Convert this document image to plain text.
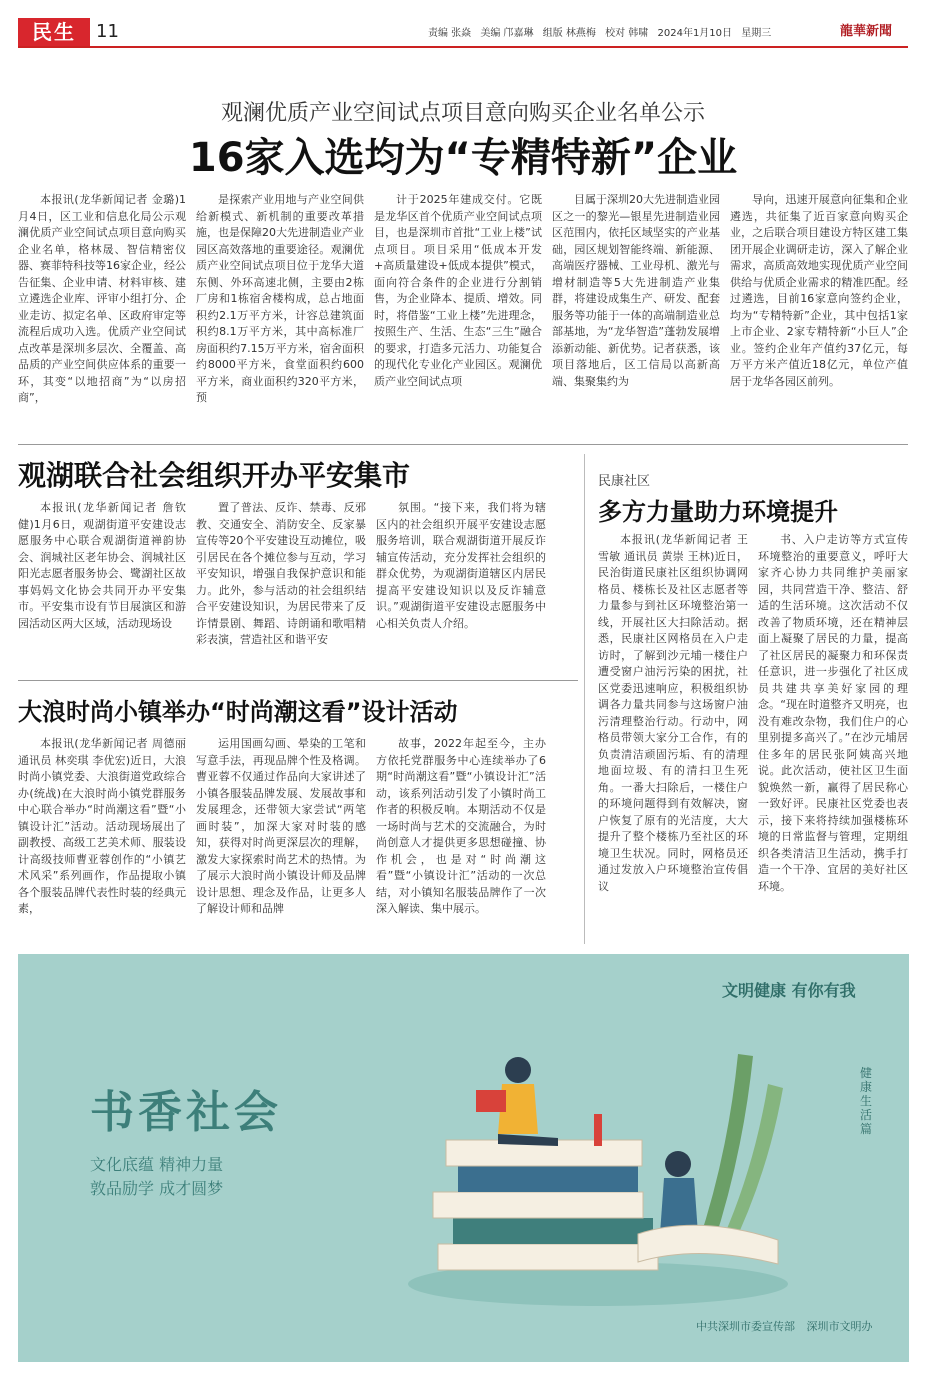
民生	11	责编 张焱 美编 邝嘉琳 组版 林燕梅 校对 韩啸 2024年1月10日 星期三	龍華新聞
观澜优质产业空间试点项目意向购买企业名单公示
16家入选均为“专精特新”企业

本报讯(龙华新闻记者 金璐)1月4日，区工业和信息化局公示观澜优质产业空间试点项目意向购买企业名单，格林晟、智信精密仪器、赛菲特科技等16家企业，经公告征集、企业申请、材料审核、建立遴选企业库、评审小组打分、企业走访、拟定名单、区政府审定等流程后成功入选。优质产业空间试点改革是深圳多层次、全覆盖、高品质的产业空间供应体系的重要一环，其变“以地招商”为“以房招商”，

是探索产业用地与产业空间供给新模式、新机制的重要改革措施，也是保障20大先进制造业产业园区高效落地的重要途径。观澜优质产业空间试点项目位于龙华大道东侧、外环高速北侧，主要由2栋厂房和1栋宿舍楼构成，总占地面积约2.1万平方米，计容总建筑面积约8.1万平方米，其中高标准厂房面积约7.15万平方米，宿舍面积约8000平方米，食堂面积约600平方米，商业面积约320平方米，预

计于2025年建成交付。它既是龙华区首个优质产业空间试点项目，也是深圳市首批“工业上楼”试点项目。项目采用“低成本开发+高质量建设+低成本提供”模式，面向符合条件的企业进行分割销售，为企业降本、提质、增效。同时，将借鉴“工业上楼”先进理念，按照生产、生活、生态“三生”融合的要求，打造多元活力、功能复合的现代化专业化产业园区。观澜优质产业空间试点项

目属于深圳20大先进制造业园区之一的黎光—银星先进制造业园区范围内，依托区域坚实的产业基础，园区规划智能终端、新能源、高端医疗器械、工业母机、激光与增材制造等5大先进制造产业集群，将建设成集生产、研发、配套服务等功能于一体的高端制造业总部基地，为“龙华智造”蓬勃发展增添新动能、新优势。记者获悉，该项目落地后，区工信局以高新高端、集聚集约为

导向，迅速开展意向征集和企业遴选，共征集了近百家意向购买企业，之后联合项目建设方特区建工集团开展企业调研走访，深入了解企业需求，高质高效地实现优质产业空间供给与优质企业需求的精准匹配。经过遴选，目前16家意向签约企业，均为“专精特新”企业，其中包括1家上市企业、2家专精特新“小巨人”企业。签约企业年产值约37亿元，每万平方米产值近18亿元，单位产值居于龙华各园区前列。

观湖联合社会组织开办平安集市

本报讯(龙华新闻记者 詹钦健)1月6日，观湖街道平安建设志愿服务中心联合观湖街道禅韵协会、润城社区老年协会、润城社区阳光志愿者服务协会、鹭湖社区故事妈妈文化协会共同开办平安集市。平安集市设有节目展演区和游园活动区两大区域，活动现场设

置了普法、反诈、禁毒、反邪教、交通安全、消防安全、反家暴宣传等20个平安建设互动摊位，吸引居民在各个摊位参与互动，学习平安知识，增强自我保护意识和能力。此外，参与活动的社会组织结合平安建设知识，为居民带来了反诈情景剧、舞蹈、诗朗诵和歌唱精彩表演，营造社区和谐平安

氛围。“接下来，我们将为辖区内的社会组织开展平安建设志愿服务培训，联合观湖街道开展反诈辅宣传活动，充分发挥社会组织的群众优势，为观湖街道辖区内居民提高平安建设知识以及反诈辅意识。”观湖街道平安建设志愿服务中心相关负责人介绍。

大浪时尚小镇举办“时尚潮这看”设计活动

本报讯(龙华新闻记者 周德丽 通讯员 林奕琪 李优宏)近日，大浪时尚小镇党委、大浪街道党政综合办(统战)在大浪时尚小镇党群服务中心联合举办“时尚潮这看”暨“小镇设计汇”活动。活动现场展出了副教授、高级工艺美术师、服装设计高级技师曹亚蓉创作的“小镇艺术风采”系列画作，作品提取小镇各个服装品牌代表性时装的经典元素，

运用国画勾画、晕染的工笔和写意手法，再现品牌个性及格调。曹亚蓉不仅通过作品向大家讲述了小镇各服装品牌发展、发展故事和发展理念，还带领大家尝试“两笔画时装”，加深大家对时装的感知，获得对时尚更深层次的理解，激发大家探索时尚艺术的热情。为了展示大浪时尚小镇设计师及品牌设计思想、理念及作品，让更多人了解设计师和品牌

故事，2022年起至今，主办方依托党群服务中心连续举办了6期“时尚潮这看”暨“小镇设计汇”活动，该系列活动引发了小镇时尚工作者的积极反响。本期活动不仅是一场时尚与艺术的交流融合，为时尚创意人才提供更多思想碰撞、协作机会，也是对“时尚潮这看”暨“小镇设计汇”活动的一次总结，对小镇知名服装品牌作了一次深入解读、集中展示。

民康社区
多方力量助力环境提升

本报讯(龙华新闻记者 王雪敏 通讯员 黄崇 王林)近日，民治街道民康社区组织协调网格员、楼栋长及社区志愿者等力量参与到社区环境整治第一线，开展社区大扫除活动。据悉，民康社区网格员在入户走访时，了解到沙元埔一楼住户遭受窗户油污污染的困扰，社区党委迅速响应，积极组织协调各力量共同参与这场窗户油污清理整治行动。行动中，网格员带领大家分工合作，有的负责清洁顽固污垢、有的清理地面垃圾、有的清扫卫生死角。一番大扫除后，一楼住户的环境问题得到有效解决，窗户恢复了原有的光洁度，大大提升了整个楼栋乃至社区的环境卫生状况。同时，网格员还通过发放入户环境整治宣传倡议

书、入户走访等方式宣传环境整治的重要意义，呼吁大家齐心协力共同维护美丽家园，共同营造干净、整洁、舒适的生活环境。这次活动不仅改善了物质环境，还在精神层面上凝聚了居民的力量，提高了社区居民的凝聚力和环保责任意识，进一步强化了社区成员共建共享美好家园的理念。“现在时道整齐又明亮，也没有难改杂物，我们住户的心里别提多高兴了。”在沙元埔居住多年的居民张阿姨高兴地说。此次活动，使社区卫生面貌焕然一新，赢得了居民称心一致好评。民康社区党委也表示，接下来将持续加强楼栋环境的日常监督与管理，定期组织各类清洁卫生活动，携手打造一个干净、宜居的美好社区环境。

文明健康 有你有我
书香社会
文化底蕴 精神力量
敦品励学 成才圆梦
健康生活篇
中共深圳市委宣传部 深圳市文明办
